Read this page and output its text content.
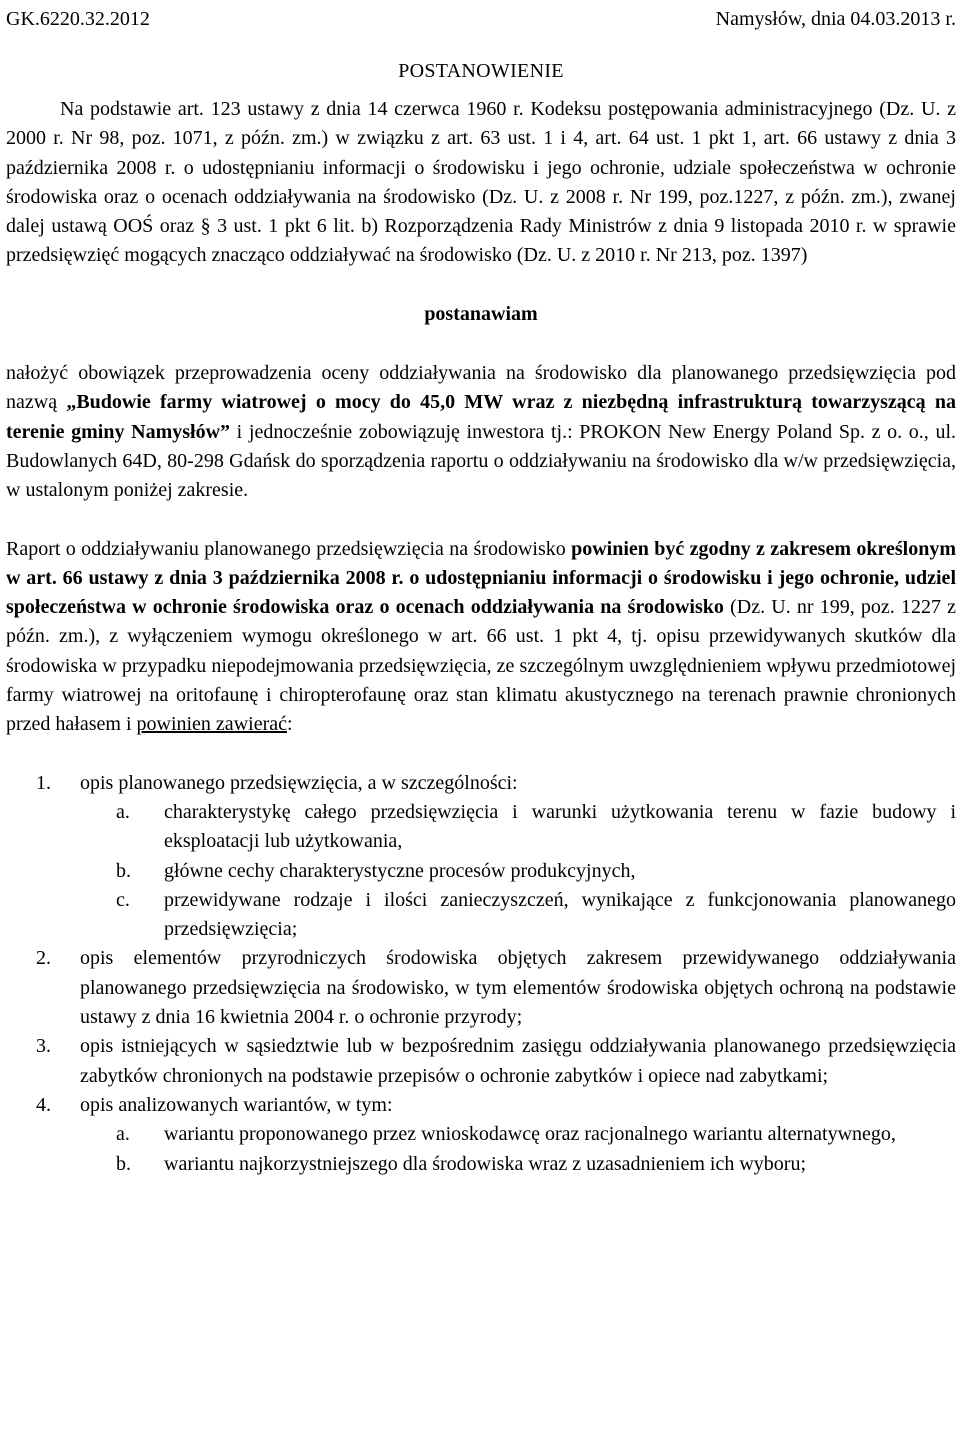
GK.6220.32.2012	Namysłów, dnia 04.03.2013 r.
POSTANOWIENIE

Na podstawie art. 123 ustawy z dnia 14 czerwca 1960 r. Kodeksu postępowania administracyjnego (Dz. U. z 2000 r. Nr 98, poz. 1071, z późn. zm.) w związku z art. 63 ust. 1 i 4, art. 64 ust. 1 pkt 1, art. 66 ustawy z dnia 3 października 2008 r. o udostępnianiu informacji o środowisku i jego ochronie, udziale społeczeństwa w ochronie środowiska oraz o ocenach oddziaływania na środowisko (Dz. U. z 2008 r. Nr 199, poz.1227, z późn. zm.), zwanej dalej ustawą OOŚ oraz § 3 ust. 1 pkt 6 lit. b) Rozporządzenia Rady Ministrów z dnia 9 listopada 2010 r. w sprawie przedsięwzięć mogących znacząco oddziaływać na środowisko (Dz. U. z 2010 r. Nr 213, poz. 1397)

postanawiam

nałożyć obowiązek przeprowadzenia oceny oddziaływania na środowisko dla planowanego przedsięwzięcia pod nazwą „Budowie farmy wiatrowej o mocy do 45,0 MW wraz z niezbędną infrastrukturą towarzyszącą na terenie gminy Namysłów” i jednocześnie zobowiązuję inwestora tj.: PROKON New Energy Poland Sp. z o. o., ul. Budowlanych 64D, 80-298 Gdańsk do sporządzenia raportu o oddziaływaniu na środowisko dla w/w przedsięwzięcia, w ustalonym poniżej zakresie.

Raport o oddziaływaniu planowanego przedsięwzięcia na środowisko powinien być zgodny z zakresem określonym w art. 66 ustawy z dnia 3 października 2008 r. o udostępnianiu informacji o środowisku i jego ochronie, udziel społeczeństwa w ochronie środowiska oraz o ocenach oddziaływania na środowisko (Dz. U. nr 199, poz. 1227 z późn. zm.), z wyłączeniem wymogu określonego w art. 66 ust. 1 pkt 4, tj. opisu przewidywanych skutków dla środowiska w przypadku niepodejmowania przedsięwzięcia, ze szczególnym uwzględnieniem wpływu przedmiotowej farmy wiatrowej na oritofaunę i chiropterofaunę oraz stan klimatu akustycznego na terenach prawnie chronionych przed hałasem i powinien zawierać:

1.	opis planowanego przedsięwzięcia, a w szczególności:
a.	charakterystykę całego przedsięwzięcia i warunki użytkowania terenu w fazie budowy i eksploatacji lub użytkowania,
b.	główne cechy charakterystyczne procesów produkcyjnych,
c.	przewidywane rodzaje i ilości zanieczyszczeń, wynikające z funkcjonowania planowanego przedsięwzięcia;
2.	opis elementów przyrodniczych środowiska objętych zakresem przewidywanego oddziaływania planowanego przedsięwzięcia na środowisko, w tym elementów środowiska objętych ochroną na podstawie ustawy z dnia 16 kwietnia 2004 r. o ochronie przyrody;
3.	opis istniejących w sąsiedztwie lub w bezpośrednim zasięgu oddziaływania planowanego przedsięwzięcia zabytków chronionych na podstawie przepisów o ochronie zabytków i opiece nad zabytkami;
4.	opis analizowanych wariantów, w tym:
a.	wariantu proponowanego przez wnioskodawcę oraz racjonalnego wariantu alternatywnego,
b.	wariantu najkorzystniejszego dla środowiska wraz z uzasadnieniem ich wyboru;
